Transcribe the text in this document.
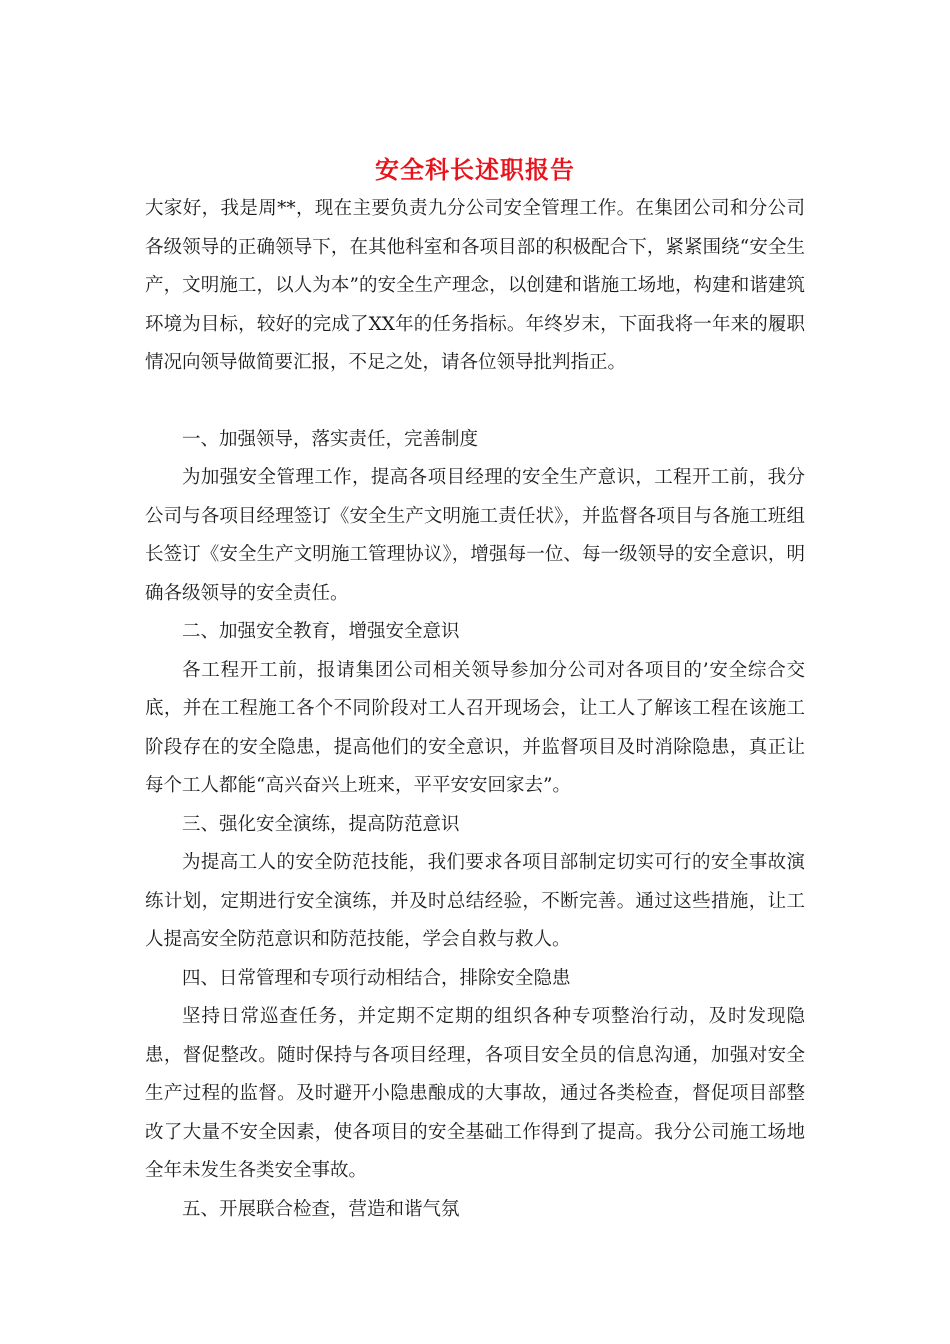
安全科长述职报告

大家好，我是周**，现在主要负责九分公司安全管理工作。在集团公司和分公司各级领导的正确领导下，在其他科室和各项目部的积极配合下，紧紧围绕“安全生产，文明施工，以人为本”的安全生产理念，以创建和谐施工场地，构建和谐建筑环境为目标，较好的完成了XX年的任务指标。年终岁末，下面我将一年来的履职情况向领导做简要汇报，不足之处，请各位领导批判指正。

一、加强领导，落实责任，完善制度

为加强安全管理工作，提高各项目经理的安全生产意识，工程开工前，我分公司与各项目经理签订《安全生产文明施工责任状》，并监督各项目与各施工班组长签订《安全生产文明施工管理协议》，增强每一位、每一级领导的安全意识，明确各级领导的安全责任。

二、加强安全教育，增强安全意识

各工程开工前，报请集团公司相关领导参加分公司对各项目的’安全综合交底，并在工程施工各个不同阶段对工人召开现场会，让工人了解该工程在该施工阶段存在的安全隐患，提高他们的安全意识，并监督项目及时消除隐患，真正让每个工人都能“高兴奋兴上班来，平平安安回家去”。

三、强化安全演练，提高防范意识

为提高工人的安全防范技能，我们要求各项目部制定切实可行的安全事故演练计划，定期进行安全演练，并及时总结经验，不断完善。通过这些措施，让工人提高安全防范意识和防范技能，学会自救与救人。

四、日常管理和专项行动相结合，排除安全隐患

坚持日常巡查任务，并定期不定期的组织各种专项整治行动，及时发现隐患，督促整改。随时保持与各项目经理，各项目安全员的信息沟通，加强对安全生产过程的监督。及时避开小隐患酿成的大事故，通过各类检查，督促项目部整改了大量不安全因素，使各项目的安全基础工作得到了提高。我分公司施工场地全年未发生各类安全事故。

五、开展联合检查，营造和谐气氛
